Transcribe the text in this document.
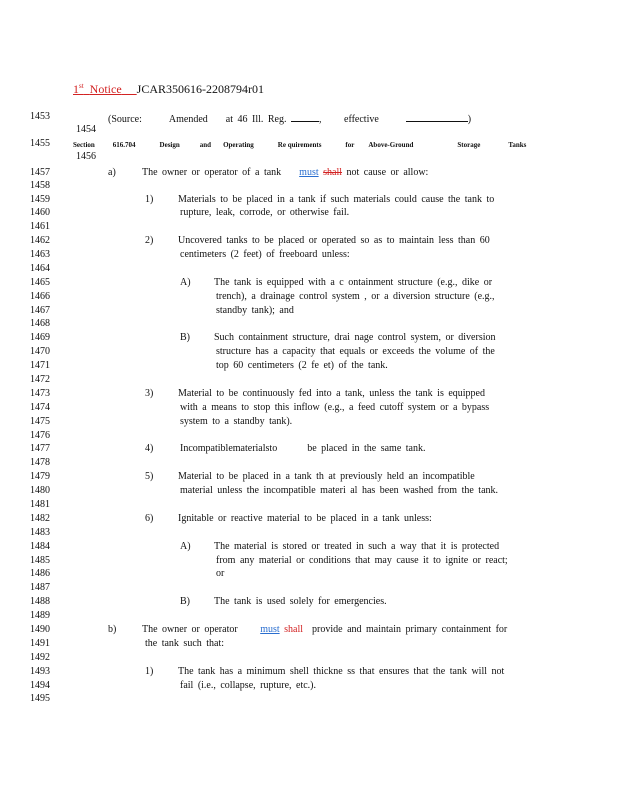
1st Notice JCAR350616-2208794r01
1453
1454
1455
1456
1457
1458
1459
1460
1461
1462
1463
1464
1465
1466
1467
1468
1469
1470
1471
1472
1473
1474
1475
1476
1477
1478
1479
1480
1481
1482
1483
1484
1485
1486
1487
1488
1489
1490
1491
1492
1493
1494
1495
(Source:	Amended at 46 Ill. Reg.	, effective	)
Section	616.704	Design	and Operating	Re quirements	for Above-Ground	Storage	Tanks
a)	The owner or operator of a tank must shall not cause or allow:
1) Materials to be placed in a tank if such materials could cause the tank to
rupture, leak, corrode, or otherwise fail.
2) Uncovered tanks to be placed or operated so as to maintain less than 60
centimeters (2 feet) of freeboard unless:
A) The tank is equipped with a c ontainment structure (e.g., dike or
trench), a drainage control system , or a diversion structure (e.g.,
standby tank); and
B) Such containment structure, drai nage control system, or diversion
structure has a capacity that equals or exceeds the volume of the
top 60 centimeters (2 fe et) of the tank.
3) Material to be continuously fed into a tank, unless the tank is equipped
with a means to stop this inflow (e.g., a feed cutoff system or a bypass
system to a standby tank).
4)	Incompatiblematerialsto	be placed in the same tank.
5) Material to be placed in a tank th at previously held an incompatible
material unless the incompatible materi al has been washed from the tank.
6) Ignitable or reactive material to be placed in a tank unless:
A) The material is stored or treated in such a way that it is protected
from any material or conditions that may cause it to ignite or react;
or
B) The tank is used solely for emergencies.
b)	The owner or operator must shall provide and maintain primary containment for
the tank such that:
1) The tank has a minimum shell thickne ss that ensures that the tank will not
fail (i.e., collapse, rupture, etc.).
